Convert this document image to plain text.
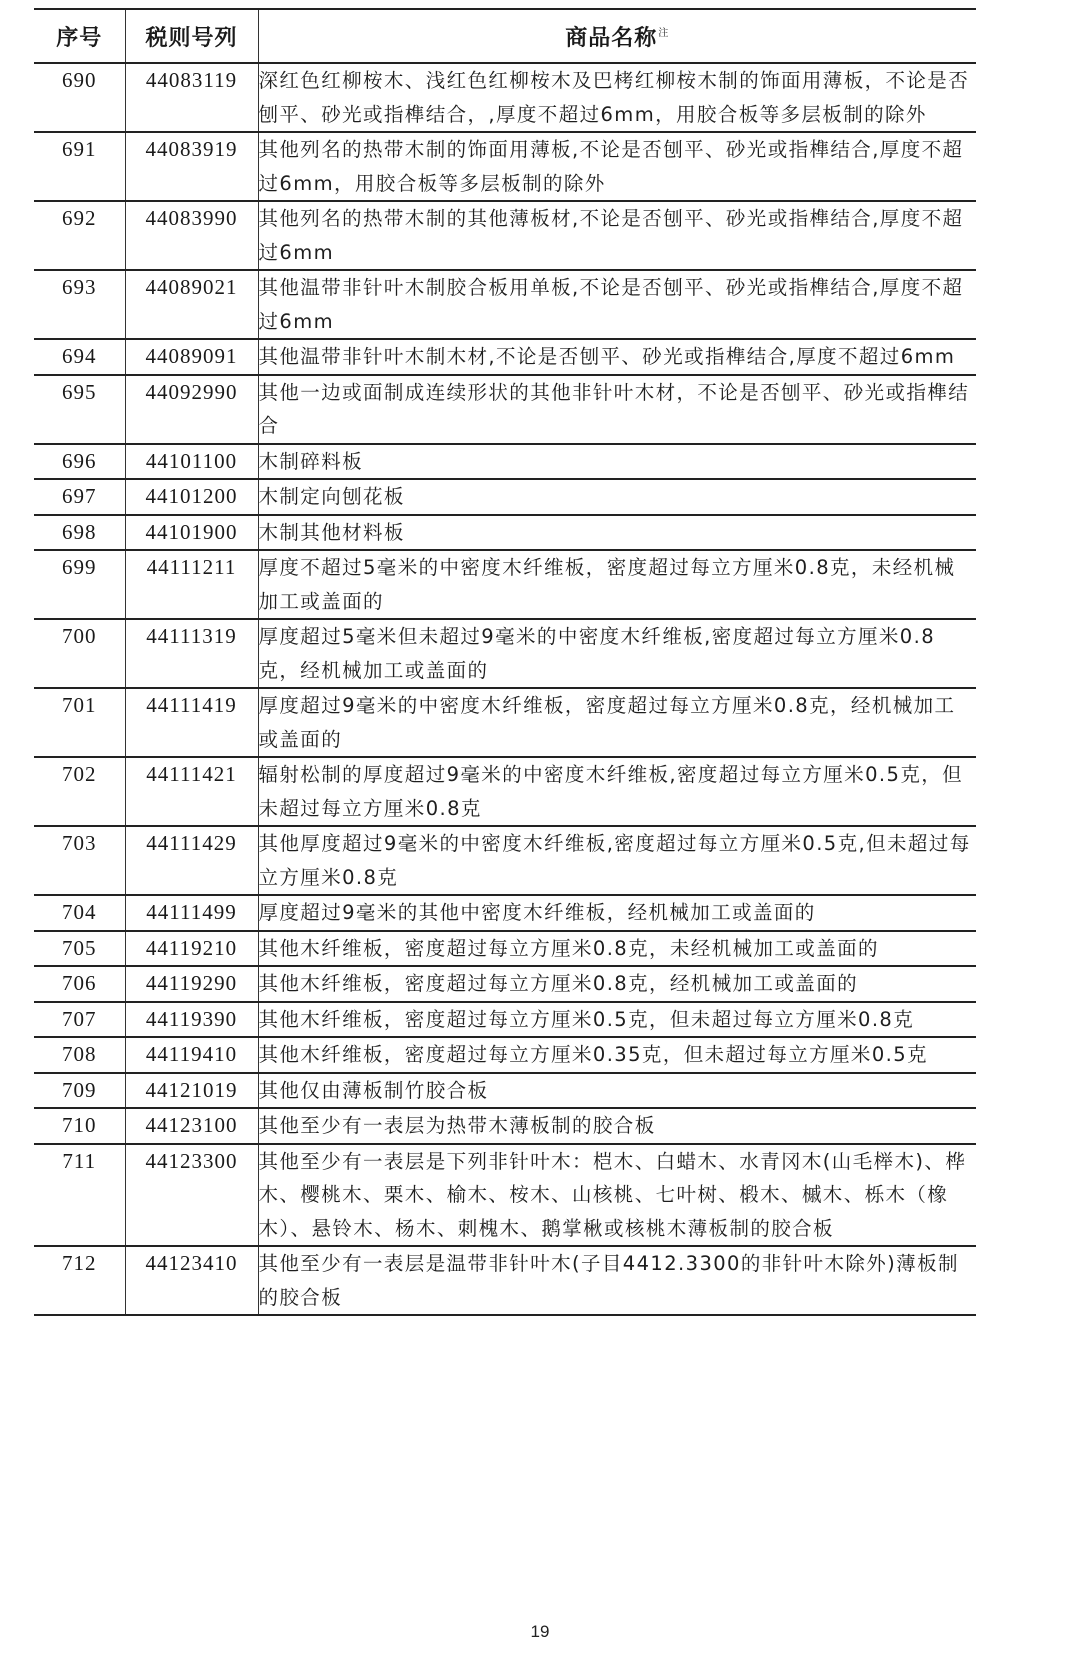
序号	税则号列	商品名称$^注$
690	44083119	深红色红柳桉木、浅红色红柳桉木及巴栲红柳桉木制的饰面用薄板，不论是否刨平、砂光或指榫结合，,厚度不超过6mm，用胶合板等多层板制的除外
691	44083919	其他列名的热带木制的饰面用薄板,不论是否刨平、砂光或指榫结合,厚度不超过6mm，用胶合板等多层板制的除外
692	44083990	其他列名的热带木制的其他薄板材,不论是否刨平、砂光或指榫结合,厚度不超过6mm
693	44089021	其他温带非针叶木制胶合板用单板,不论是否刨平、砂光或指榫结合,厚度不超过6mm
694	44089091	其他温带非针叶木制木材,不论是否刨平、砂光或指榫结合,厚度不超过6mm
695	44092990	其他一边或面制成连续形状的其他非针叶木材，不论是否刨平、砂光或指榫结合
696	44101100	木制碎料板
697	44101200	木制定向刨花板
698	44101900	木制其他材料板
699	44111211	厚度不超过5毫米的中密度木纤维板，密度超过每立方厘米0.8克，未经机械加工或盖面的
700	44111319	厚度超过5毫米但未超过9毫米的中密度木纤维板,密度超过每立方厘米0.8克，经机械加工或盖面的
701	44111419	厚度超过9毫米的中密度木纤维板，密度超过每立方厘米0.8克，经机械加工或盖面的
702	44111421	辐射松制的厚度超过9毫米的中密度木纤维板,密度超过每立方厘米0.5克，但未超过每立方厘米0.8克
703	44111429	其他厚度超过9毫米的中密度木纤维板,密度超过每立方厘米0.5克,但未超过每立方厘米0.8克
704	44111499	厚度超过9毫米的其他中密度木纤维板，经机械加工或盖面的
705	44119210	其他木纤维板，密度超过每立方厘米0.8克，未经机械加工或盖面的
706	44119290	其他木纤维板，密度超过每立方厘米0.8克，经机械加工或盖面的
707	44119390	其他木纤维板，密度超过每立方厘米0.5克，但未超过每立方厘米0.8克
708	44119410	其他木纤维板，密度超过每立方厘米0.35克，但未超过每立方厘米0.5克
709	44121019	其他仅由薄板制竹胶合板
710	44123100	其他至少有一表层为热带木薄板制的胶合板
711	44123300	其他至少有一表层是下列非针叶木：桤木、白蜡木、水青冈木(山毛榉木)、桦木、樱桃木、栗木、榆木、桉木、山核桃、七叶树、椴木、槭木、栎木（橡木）、悬铃木、杨木、刺槐木、鹅掌楸或核桃木薄板制的胶合板
712	44123410	其他至少有一表层是温带非针叶木(子目4412.3300的非针叶木除外)薄板制的胶合板
19
